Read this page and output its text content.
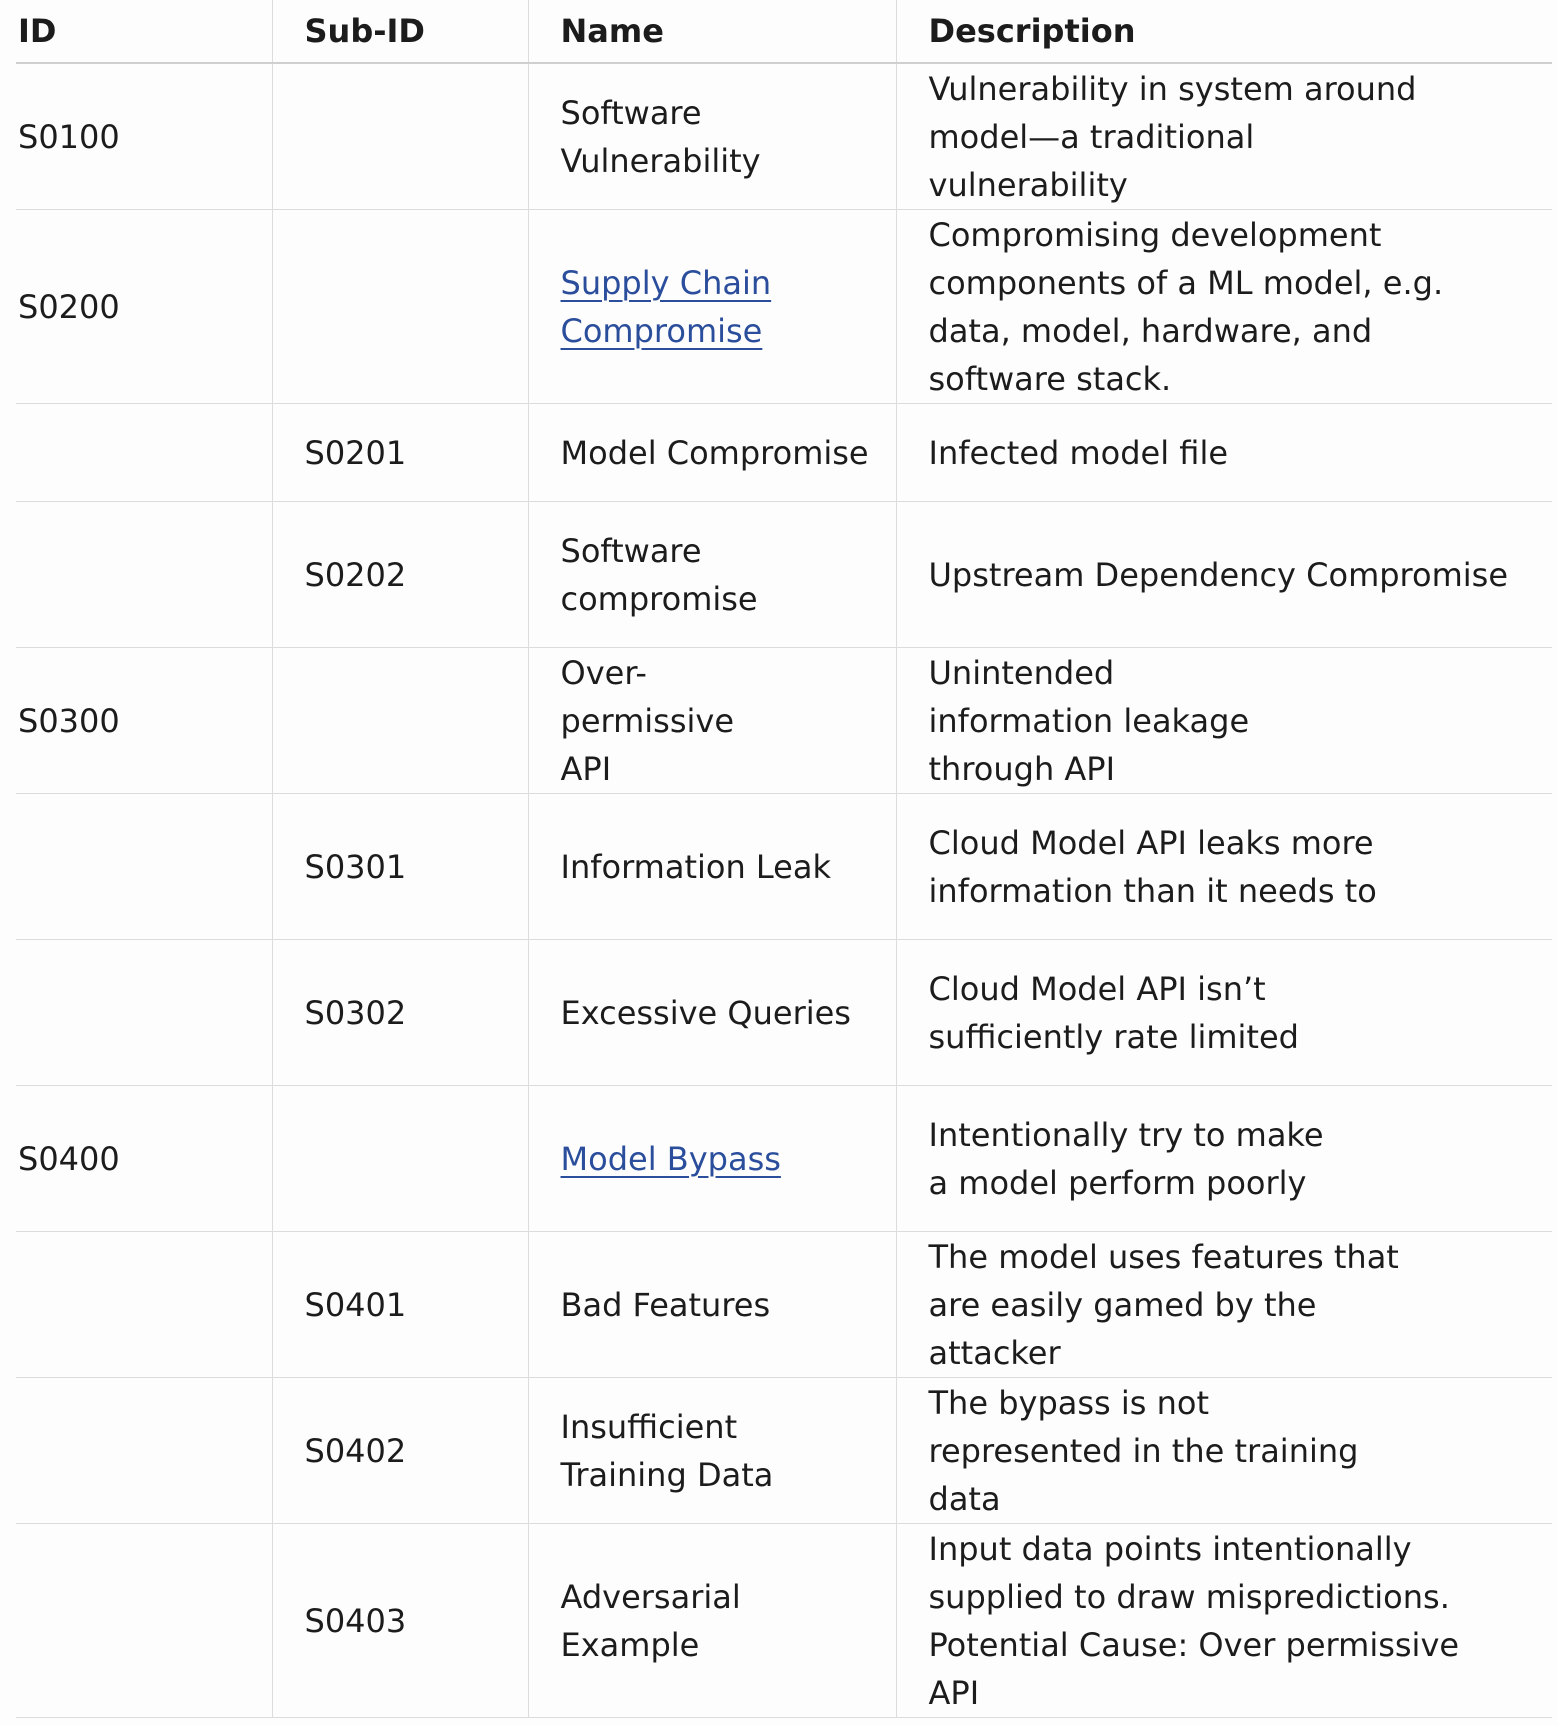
ID	Sub-ID	Name	Description
S0100		Software Vulnerability	Vulnerability in system around model—a traditional vulnerability
S0200		Supply Chain Compromise	Compromising development components of a ML model, e.g. data, model, hardware, and software stack.
	S0201	Model Compromise	Infected model file
	S0202	Software compromise	Upstream Dependency Compromise
S0300		Over-permissive API	Unintended information leakage through API
	S0301	Information Leak	Cloud Model API leaks more information than it needs to
	S0302	Excessive Queries	Cloud Model API isn’t sufficiently rate limited
S0400		Model Bypass	Intentionally try to make a model perform poorly
	S0401	Bad Features	The model uses features that are easily gamed by the attacker
	S0402	Insufficient Training Data	The bypass is not represented in the training data
	S0403	Adversarial Example	Input data points intentionally supplied to draw mispredictions. Potential Cause: Over permissive API
